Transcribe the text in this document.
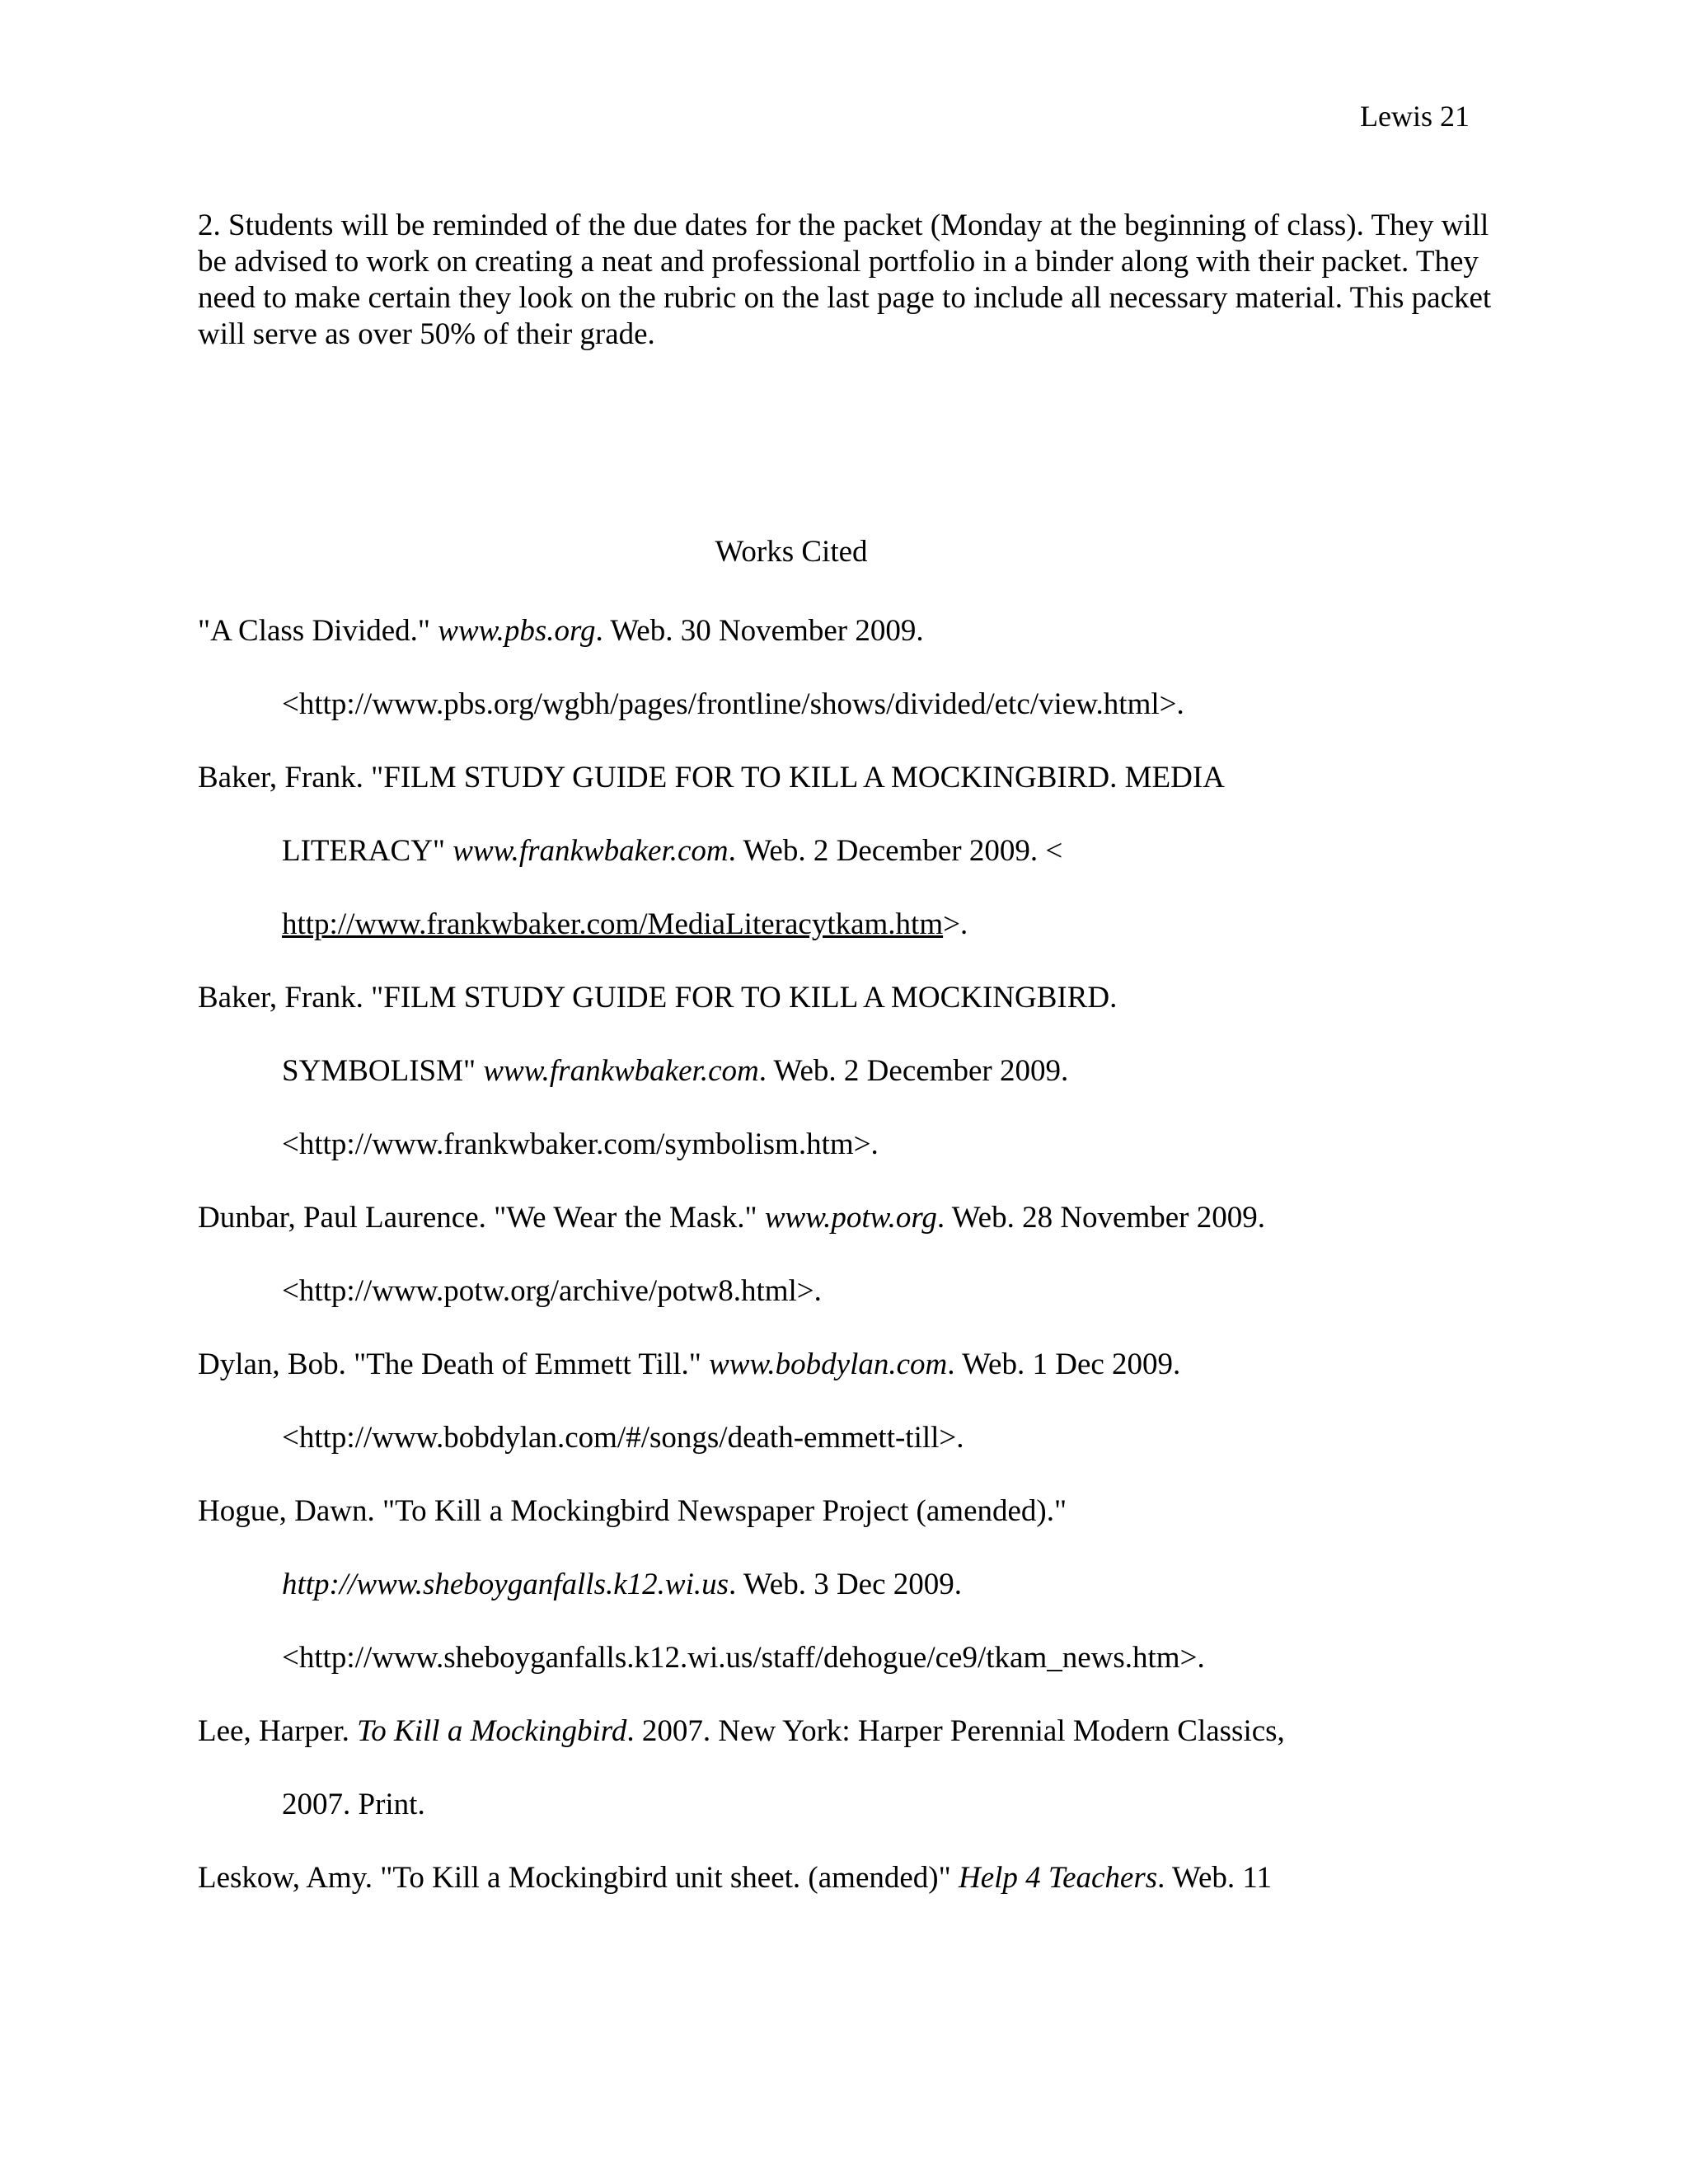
Lewis 21

2. Students will be reminded of the due dates for the packet (Monday at the beginning of class). They will be advised to work on creating a neat and professional portfolio in a binder along with their packet. They need to make certain they look on the rubric on the last page to include all necessary material. This packet will serve as over 50% of their grade.

Works Cited
"A Class Divided." www.pbs.org. Web. 30 November 2009.
<http://www.pbs.org/wgbh/pages/frontline/shows/divided/etc/view.html>.
Baker, Frank. "FILM STUDY GUIDE FOR TO KILL A MOCKINGBIRD. MEDIA
LITERACY" www.frankwbaker.com. Web. 2 December 2009. <
http://www.frankwbaker.com/MediaLiteracytkam.htm>.
Baker, Frank. "FILM STUDY GUIDE FOR TO KILL A MOCKINGBIRD.
SYMBOLISM" www.frankwbaker.com. Web. 2 December 2009.
<http://www.frankwbaker.com/symbolism.htm>.
Dunbar, Paul Laurence. "We Wear the Mask." www.potw.org. Web. 28 November 2009.
<http://www.potw.org/archive/potw8.html>.
Dylan, Bob. "The Death of Emmett Till." www.bobdylan.com. Web. 1 Dec 2009.
<http://www.bobdylan.com/#/songs/death-emmett-till>.
Hogue, Dawn. "To Kill a Mockingbird Newspaper Project (amended)."
http://www.sheboyganfalls.k12.wi.us. Web. 3 Dec 2009.
<http://www.sheboyganfalls.k12.wi.us/staff/dehogue/ce9/tkam_news.htm>.
Lee, Harper. To Kill a Mockingbird. 2007. New York: Harper Perennial Modern Classics,
2007. Print.
Leskow, Amy. "To Kill a Mockingbird unit sheet. (amended)" Help 4 Teachers. Web. 11
